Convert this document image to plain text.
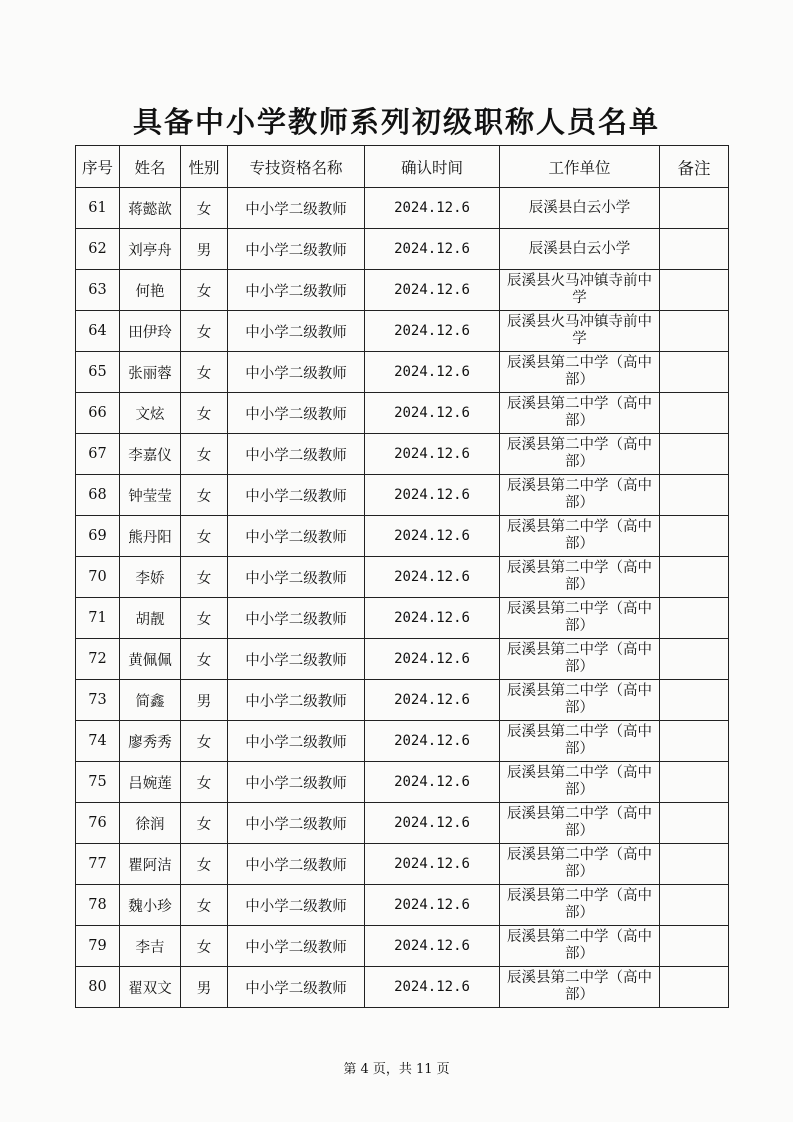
具备中小学教师系列初级职称人员名单
序号	姓名	性别	专技资格名称	确认时间	工作单位	备注
61	蒋懿歆	女	中小学二级教师	2024.12.6	辰溪县白云小学	
62	刘亭舟	男	中小学二级教师	2024.12.6	辰溪县白云小学	
63	何艳	女	中小学二级教师	2024.12.6	辰溪县火马冲镇寺前中学	
64	田伊玲	女	中小学二级教师	2024.12.6	辰溪县火马冲镇寺前中学	
65	张丽蓉	女	中小学二级教师	2024.12.6	辰溪县第二中学（高中部）	
66	文炫	女	中小学二级教师	2024.12.6	辰溪县第二中学（高中部）	
67	李嘉仪	女	中小学二级教师	2024.12.6	辰溪县第二中学（高中部）	
68	钟莹莹	女	中小学二级教师	2024.12.6	辰溪县第二中学（高中部）	
69	熊丹阳	女	中小学二级教师	2024.12.6	辰溪县第二中学（高中部）	
70	李娇	女	中小学二级教师	2024.12.6	辰溪县第二中学（高中部）	
71	胡靓	女	中小学二级教师	2024.12.6	辰溪县第二中学（高中部）	
72	黄佩佩	女	中小学二级教师	2024.12.6	辰溪县第二中学（高中部）	
73	简鑫	男	中小学二级教师	2024.12.6	辰溪县第二中学（高中部）	
74	廖秀秀	女	中小学二级教师	2024.12.6	辰溪县第二中学（高中部）	
75	吕婉莲	女	中小学二级教师	2024.12.6	辰溪县第二中学（高中部）	
76	徐润	女	中小学二级教师	2024.12.6	辰溪县第二中学（高中部）	
77	瞿阿洁	女	中小学二级教师	2024.12.6	辰溪县第二中学（高中部）	
78	魏小珍	女	中小学二级教师	2024.12.6	辰溪县第二中学（高中部）	
79	李吉	女	中小学二级教师	2024.12.6	辰溪县第二中学（高中部）	
80	翟双文	男	中小学二级教师	2024.12.6	辰溪县第二中学（高中部）	
第 4 页，共 11 页
